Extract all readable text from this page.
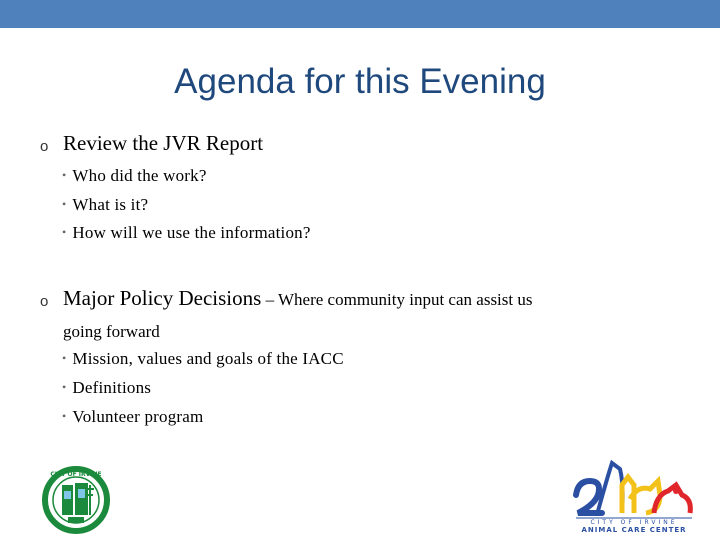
Agenda for this Evening
o Review the JVR Report
• Who did the work?
• What is it?
• How will we use the information?
o Major Policy Decisions – Where community input can assist us
going forward
• Mission, values and goals of the IACC
• Definitions
• Volunteer program
CITY OF IRVINE
1971
CITY OF IRVINE
ANIMAL CARE CENTER
